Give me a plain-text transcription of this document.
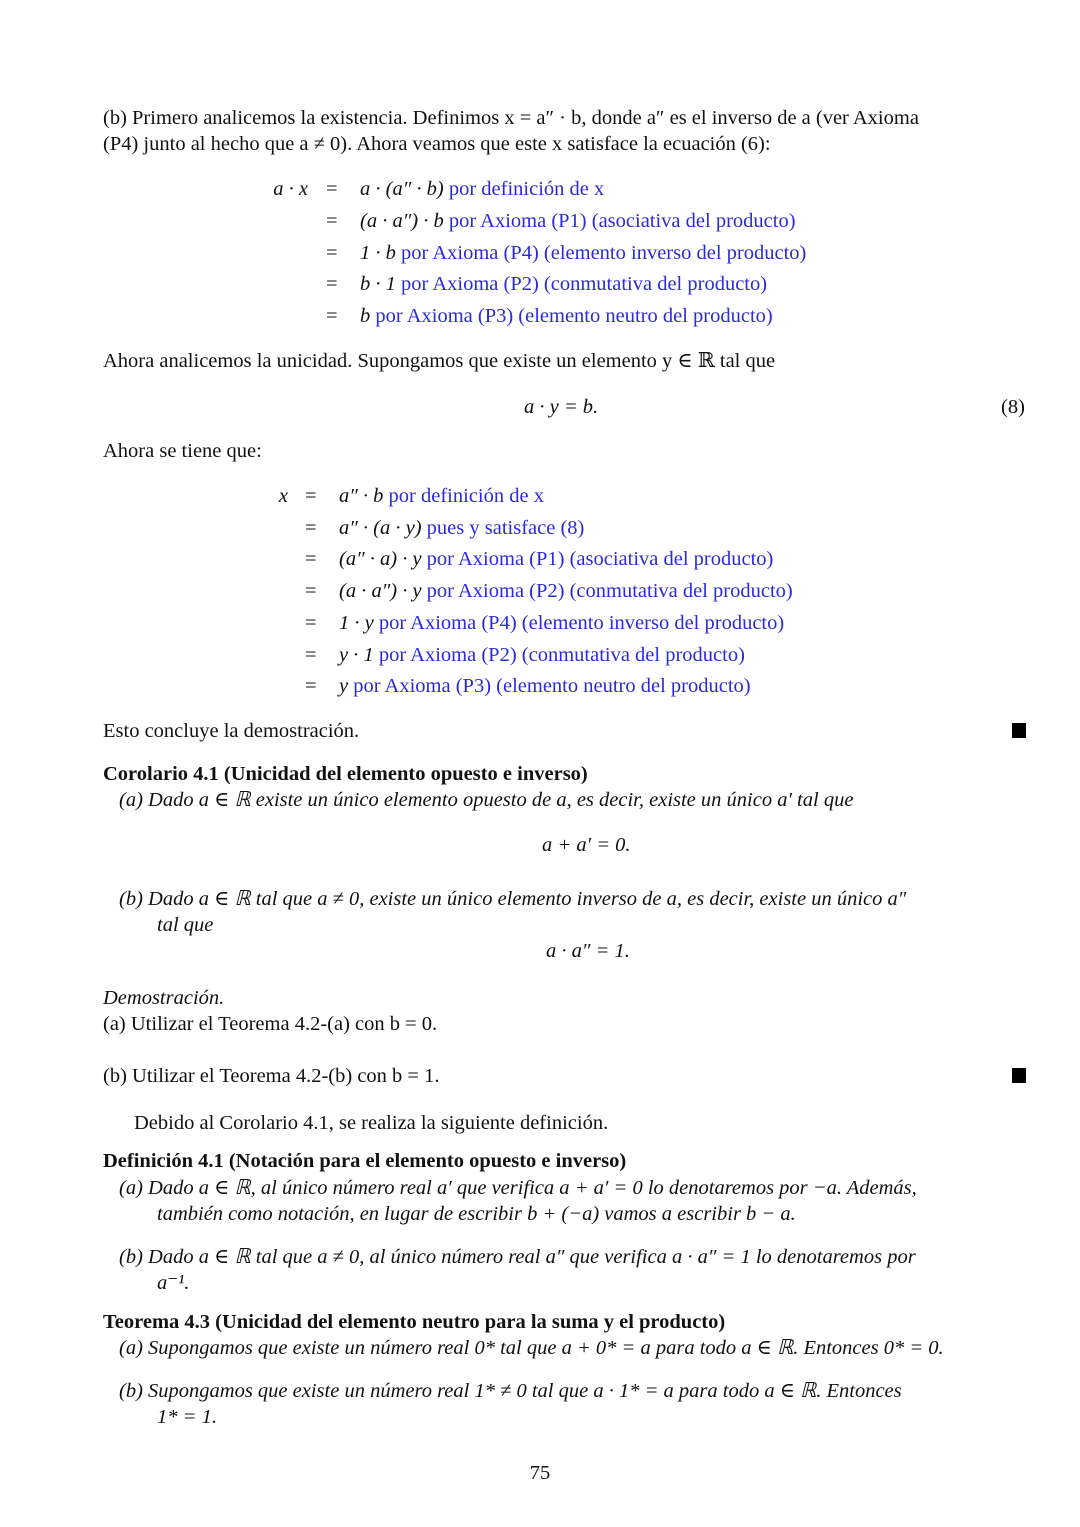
(b) Primero analicemos la existencia. Definimos x = a″ · b, donde a″ es el inverso de a (ver Axioma
(P4) junto al hecho que a ≠ 0). Ahora veamos que este x satisface la ecuación (6):
a · x = a · (a″ · b) por definición de x
= (a · a″) · b por Axioma (P1) (asociativa del producto)
= 1 · b por Axioma (P4) (elemento inverso del producto)
= b · 1 por Axioma (P2) (conmutativa del producto)
= b por Axioma (P3) (elemento neutro del producto)
Ahora analicemos la unicidad. Supongamos que existe un elemento y ∈ ℝ tal que
a · y = b.	(8)
Ahora se tiene que:
x = a″ · b por definición de x
= a″ · (a · y) pues y satisface (8)
= (a″ · a) · y por Axioma (P1) (asociativa del producto)
= (a · a″) · y por Axioma (P2) (conmutativa del producto)
= 1 · y por Axioma (P4) (elemento inverso del producto)
= y · 1 por Axioma (P2) (conmutativa del producto)
= y por Axioma (P3) (elemento neutro del producto)
Esto concluye la demostración.
Corolario 4.1 (Unicidad del elemento opuesto e inverso)
(a) Dado a ∈ ℝ existe un único elemento opuesto de a, es decir, existe un único a′ tal que
a + a′ = 0.
(b) Dado a ∈ ℝ tal que a ≠ 0, existe un único elemento inverso de a, es decir, existe un único a″
tal que
a · a″ = 1.
Demostración.
(a) Utilizar el Teorema 4.2-(a) con b = 0.
(b) Utilizar el Teorema 4.2-(b) con b = 1.
Debido al Corolario 4.1, se realiza la siguiente definición.
Definición 4.1 (Notación para el elemento opuesto e inverso)
(a) Dado a ∈ ℝ, al único número real a′ que verifica a + a′ = 0 lo denotaremos por −a. Además,
también como notación, en lugar de escribir b + (−a) vamos a escribir b − a.
(b) Dado a ∈ ℝ tal que a ≠ 0, al único número real a″ que verifica a · a″ = 1 lo denotaremos por
a⁻¹.
Teorema 4.3 (Unicidad del elemento neutro para la suma y el producto)
(a) Supongamos que existe un número real 0* tal que a + 0* = a para todo a ∈ ℝ. Entonces 0* = 0.
(b) Supongamos que existe un número real 1* ≠ 0 tal que a · 1* = a para todo a ∈ ℝ. Entonces
1* = 1.
75
